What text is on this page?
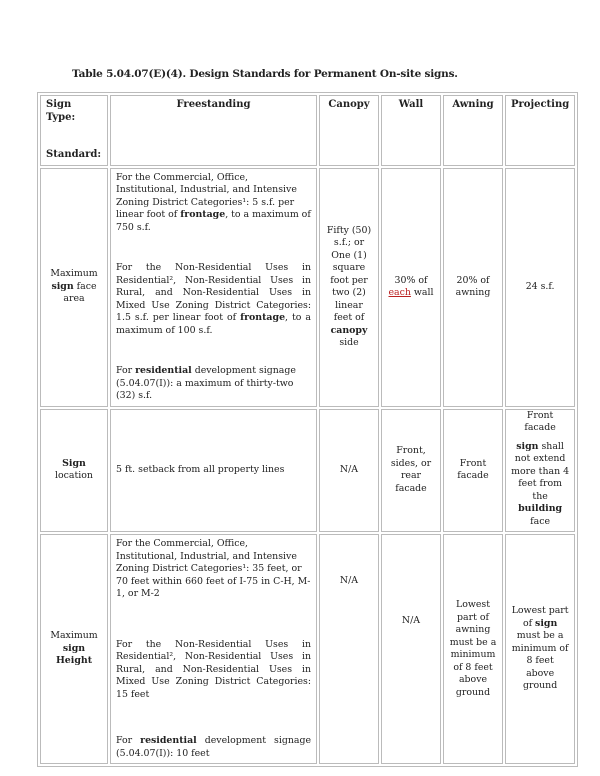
Table 5.04.07(E)(4). Design Standards for Permanent On-site signs.
Sign Type:

Standard:	Freestanding	Canopy	Wall	Awning	Projecting
Maximum sign face area	For the Commercial, Office, Institutional, Industrial, and Intensive Zoning District Categories¹: 5 s.f. per linear foot of frontage, to a maximum of 750 s.f.

For the Non-Residential Uses in Residential², Non-Residential Uses in Rural, and Non-Residential Uses in Mixed Use Zoning District Categories: 1.5 s.f. per linear foot of frontage, to a maximum of 100 s.f.

For residential development signage (5.04.07(I)): a maximum of thirty-two (32) s.f.	Fifty (50) s.f.; or One (1) square foot per two (2) linear feet of canopy side	30% of each wall	20% of awning	24 s.f.
Sign location	5 ft. setback from all property lines	N/A	Front, sides, or rear facade	Front facade	Front facade
sign shall not extend more than 4 feet from the building face

Maximum sign Height	For the Commercial, Office, Institutional, Industrial, and Intensive Zoning District Categories¹: 35 feet, or 70 feet within 660 feet of I-75 in C-H, M-1, or M-2

For the Non-Residential Uses in Residential², Non-Residential Uses in Rural, and Non-Residential Uses in Mixed Use Zoning District Categories: 15 feet

For residential development signage (5.04.07(I)): 10 feet	N/A	N/A	Lowest part of awning must be a minimum of 8 feet above ground	Lowest part of sign must be a minimum of 8 feet above ground
